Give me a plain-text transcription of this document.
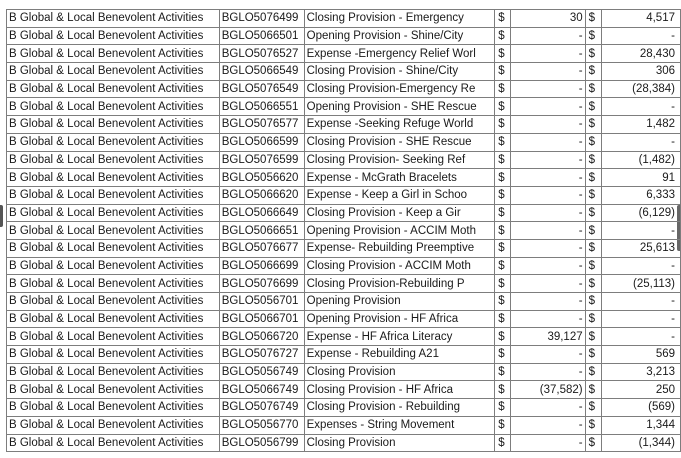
B Global & Local Benevolent Activities	BGLO5076499	Closing Provision - Emergency	$	30	$	4,517
B Global & Local Benevolent Activities	BGLO5066501	Opening Provision - Shine/City	$	-	$	-
B Global & Local Benevolent Activities	BGLO5076527	Expense -Emergency Relief Worl	$	-	$	28,430
B Global & Local Benevolent Activities	BGLO5066549	Closing Provision - Shine/City	$	-	$	306
B Global & Local Benevolent Activities	BGLO5076549	Closing Provision-Emergency Re	$	-	$	(28,384)
B Global & Local Benevolent Activities	BGLO5066551	Opening Provision - SHE Rescue	$	-	$	-
B Global & Local Benevolent Activities	BGLO5076577	Expense -Seeking Refuge World	$	-	$	1,482
B Global & Local Benevolent Activities	BGLO5066599	Closing Provision - SHE Rescue	$	-	$	-
B Global & Local Benevolent Activities	BGLO5076599	Closing Provision- Seeking Ref	$	-	$	(1,482)
B Global & Local Benevolent Activities	BGLO5056620	Expense - McGrath Bracelets	$	-	$	91
B Global & Local Benevolent Activities	BGLO5066620	Expense - Keep a Girl in Schoo	$	-	$	6,333
B Global & Local Benevolent Activities	BGLO5066649	Closing Provision - Keep a Gir	$	-	$	(6,129)
B Global & Local Benevolent Activities	BGLO5066651	Opening Provision - ACCIM Moth	$	-	$	-
B Global & Local Benevolent Activities	BGLO5076677	Expense- Rebuilding Preemptive	$	-	$	25,613
B Global & Local Benevolent Activities	BGLO5066699	Closing Provision - ACCIM Moth	$	-	$	-
B Global & Local Benevolent Activities	BGLO5076699	Closing Provision-Rebuilding P	$	-	$	(25,113)
B Global & Local Benevolent Activities	BGLO5056701	Opening Provision	$	-	$	-
B Global & Local Benevolent Activities	BGLO5066701	Opening Provision - HF Africa	$	-	$	-
B Global & Local Benevolent Activities	BGLO5066720	Expense - HF Africa Literacy	$	39,127	$	-
B Global & Local Benevolent Activities	BGLO5076727	Expense - Rebuilding A21	$	-	$	569
B Global & Local Benevolent Activities	BGLO5056749	Closing Provision	$	-	$	3,213
B Global & Local Benevolent Activities	BGLO5066749	Closing Provision - HF Africa	$	(37,582)	$	250
B Global & Local Benevolent Activities	BGLO5076749	Closing Provision - Rebuilding	$	-	$	(569)
B Global & Local Benevolent Activities	BGLO5056770	Expenses - String Movement	$	-	$	1,344
B Global & Local Benevolent Activities	BGLO5056799	Closing Provision	$	-	$	(1,344)
